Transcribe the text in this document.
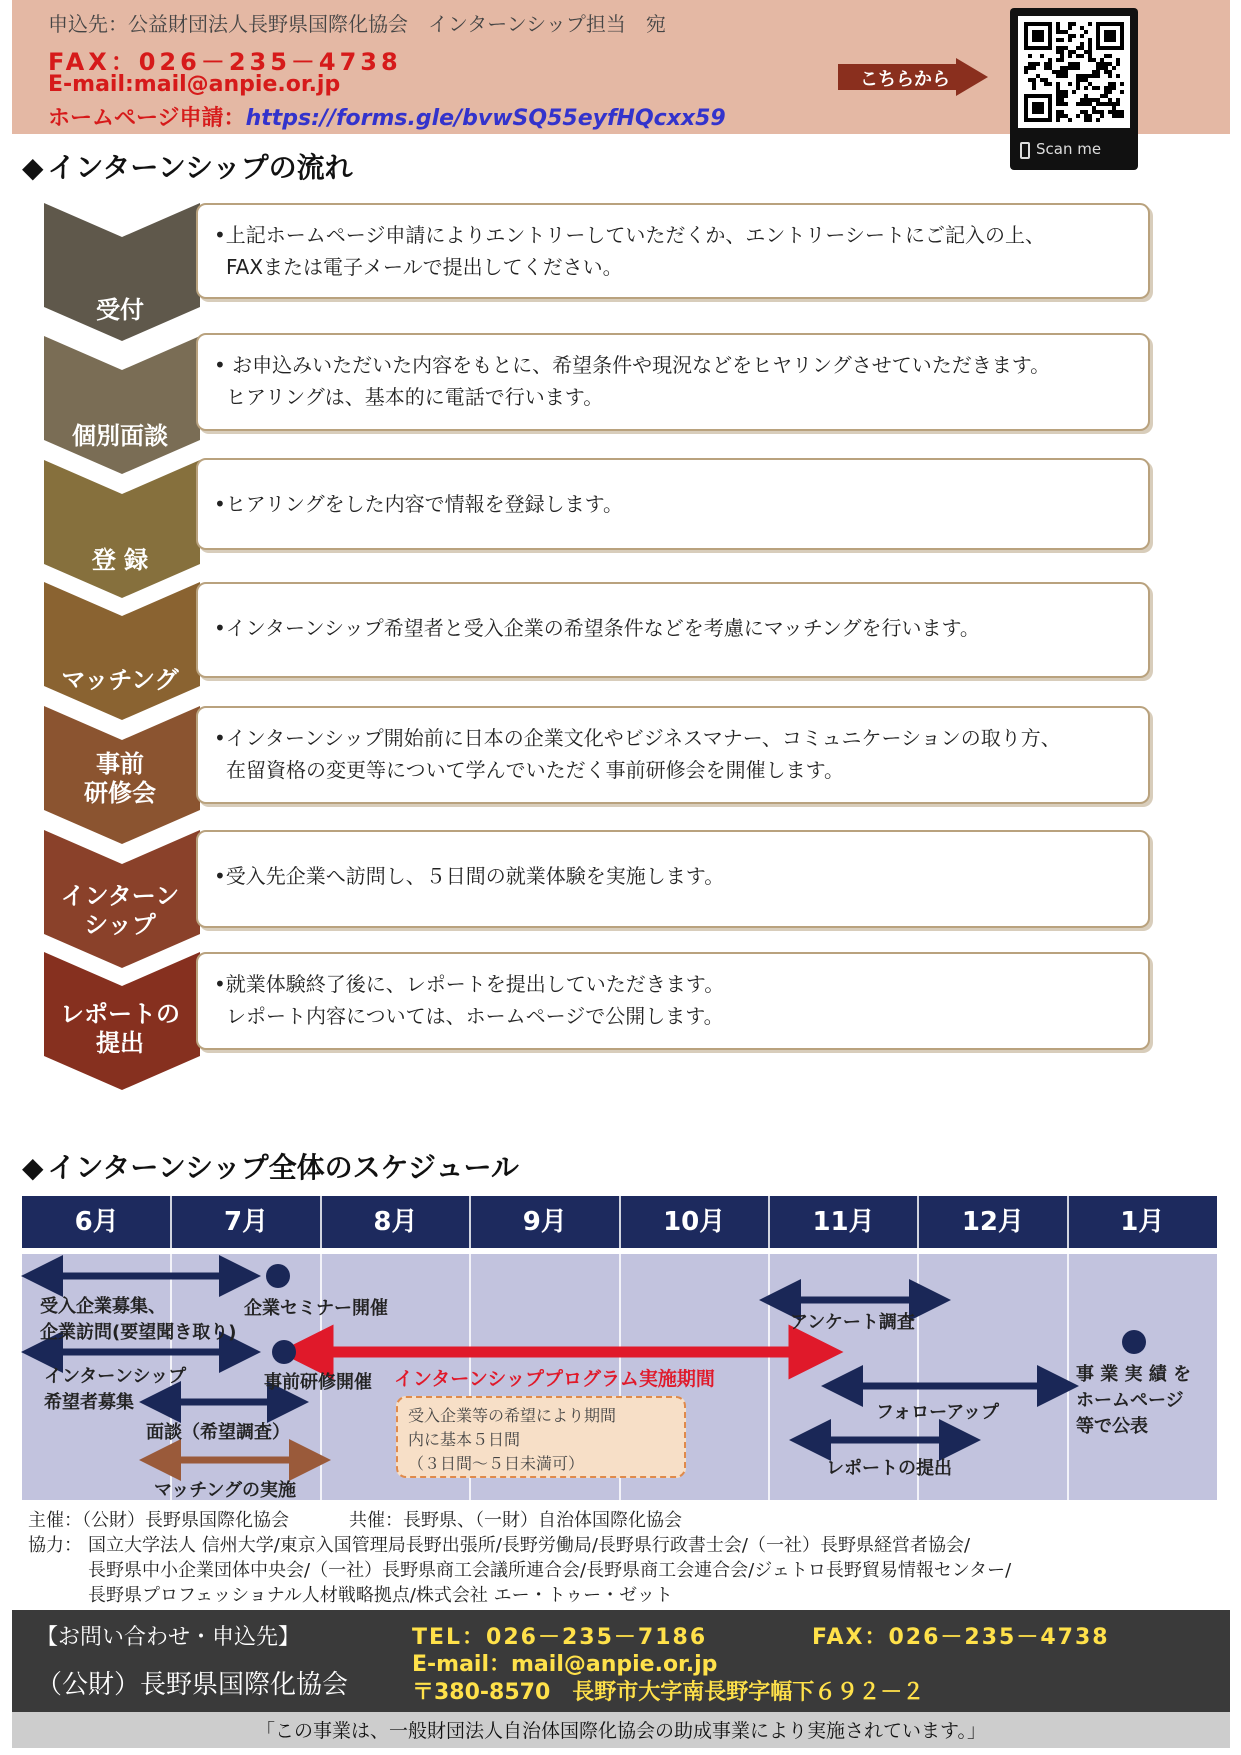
申込先：公益財団法人長野県国際化協会　インターンシップ担当　宛
FAX：026－235－4738
E-mail:mail@anpie.or.jp
ホームページ申請：https://forms.gle/bvwSQ55eyfHQcxx59
こちらから
Scan me
◆ インターンシップの流れ
受付
個別面談
登 録
マッチング
事前
研修会
インターン
シップ
レポートの
提出

•上記ホームページ申請によりエントリーしていただくか、エントリーシートにご記入の上、

FAXまたは電子メールで提出してください。

• お申込みいただいた内容をもとに、希望条件や現況などをヒヤリングさせていただきます。

ヒアリングは、基本的に電話で行います。

•ヒアリングをした内容で情報を登録します。

•インターンシップ希望者と受入企業の希望条件などを考慮にマッチングを行います。

•インターンシップ開始前に日本の企業文化やビジネスマナー、コミュニケーションの取り方、

在留資格の変更等について学んでいただく事前研修会を開催します。

•受入先企業へ訪問し、５日間の就業体験を実施します。

•就業体験終了後に、レポートを提出していただきます。

レポート内容については、ホームページで公開します。

◆ インターンシップ全体のスケジュール
6月	7月	8月	9月	10月	11月	12月	1月
受入企業募集、
企業訪問(要望聞き取り)
企業セミナー開催
インターンシップ
希望者募集
面談（希望調査）
マッチングの実施
事前研修開催 インターンシッププログラム実施期間

受入企業等の希望により期間

内に基本５日間

（３日間～５日未満可）

アンケート調査
フォローアップ
レポートの提出
事 業 実 績 を
ホームページ
等で公表
主催：（公財）長野県国際化協会	共催：長野県、（一財）自治体国際化協会
協力： 国立大学法人 信州大学/東京入国管理局長野出張所/長野労働局/長野県行政書士会/（一社）長野県経営者協会/
長野県中小企業団体中央会/（一社）長野県商工会議所連合会/長野県商工会連合会/ジェトロ長野貿易情報センター/
長野県プロフェッショナル人材戦略拠点/株式会社 エー・トゥー・ゼット
【お問い合わせ・申込先】
（公財）長野県国際化協会
TEL：026－235－7186	FAX：026－235－4738
E-mail：mail@anpie.or.jp
〒380-8570　長野市大字南長野字幅下６９２－２
「この事業は、一般財団法人自治体国際化協会の助成事業により実施されています。」
